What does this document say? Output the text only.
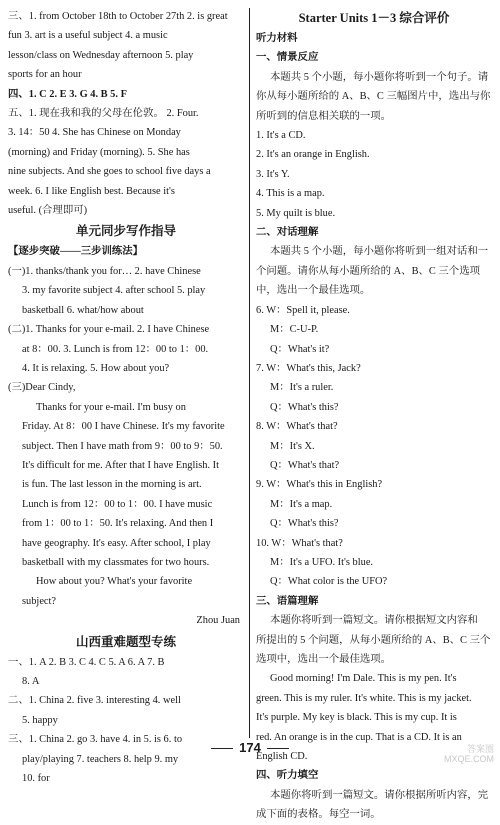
三、1. from October 18th to October 27th 2. is great
fun 3. art is a useful subject 4. a music
lesson/class on Wednesday afternoon 5. play
sports for an hour
四、1. C 2. E 3. G 4. B 5. F
五、1. 现在我和我的父母在伦敦。 2. Four.
3. 14：50 4. She has Chinese on Monday
(morning) and Friday (morning). 5. She has
nine subjects. And she goes to school five days a
week. 6. I like English best. Because it's
useful. (合理即可)
单元同步写作指导
【逐步突破——三步训练法】
(一)1. thanks/thank you for… 2. have Chinese
3. my favorite subject 4. after school 5. play
basketball 6. what/how about
(二)1. Thanks for your e-mail. 2. I have Chinese
at 8：00. 3. Lunch is from 12：00 to 1：00.
4. It is relaxing. 5. How about you?
(三)Dear Cindy,
Thanks for your e-mail. I'm busy on
Friday. At 8：00 I have Chinese. It's my favorite
subject. Then I have math from 9：00 to 9：50.
It's difficult for me. After that I have English. It
is fun. The last lesson in the morning is art.
Lunch is from 12：00 to 1：00. I have music
from 1：00 to 1：50. It's relaxing. And then I
have geography. It's easy. After school, I play
basketball with my classmates for two hours.
How about you? What's your favorite
subject?
Zhou Juan
山西重难题型专练
一、1. A 2. B 3. C 4. C 5. A 6. A 7. B
8. A
二、1. China 2. five 3. interesting 4. well
5. happy
三、1. China 2. go 3. have 4. in 5. is 6. to
play/playing 7. teachers 8. help 9. my
10. for
Starter Units 1－3 综合评价
听力材料
一、情景反应
本题共 5 个小题，每小题你将听到一个句子。请
你从每小题所给的 A、B、C 三幅图片中，选出与你
所听到的信息相关联的一项。
1. It's a CD.
2. It's an orange in English.
3. It's Y.
4. This is a map.
5. My quilt is blue.
二、对话理解
本题共 5 个小题，每小题你将听到一组对话和一
个问题。请你从每小题所给的 A、B、C 三个选项
中，选出一个最佳选项。
6. W：Spell it, please.
M：C-U-P.
Q：What's it?
7. W：What's this, Jack?
M：It's a ruler.
Q：What's this?
8. W：What's that?
M：It's X.
Q：What's that?
9. W：What's this in English?
M：It's a map.
Q：What's this?
10. W：What's that?
M：It's a UFO. It's blue.
Q：What color is the UFO?
三、语篇理解
本题你将听到一篇短文。请你根据短文内容和
所提出的 5 个问题，从每小题所给的 A、B、C 三个
选项中，选出一个最佳选项。
Good morning! I'm Dale. This is my pen. It's
green. This is my ruler. It's white. This is my jacket.
It's purple. My key is black. This is my cup. It is
red. An orange is in the cup. That is a CD. It is an
English CD.
四、听力填空
本题你将听到一篇短文。请你根据所听内容，完
成下面的表格。每空一词。
174	答案圈
MXQE.COM
